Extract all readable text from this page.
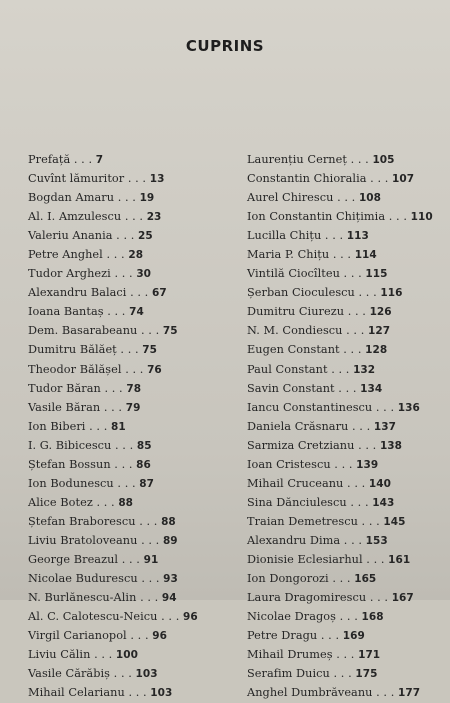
CUPRINS
Prefață . . . 7
Cuvînt lămuritor . . . 13
Bogdan Amaru . . . 19
Al. I. Amzulescu . . . 23
Valeriu Anania . . . 25
Petre Anghel . . . 28
Tudor Arghezi . . . 30
Alexandru Balaci . . . 67
Ioana Bantaș . . . 74
Dem. Basarabeanu . . . 75
Dumitru Bălăeț . . . 75
Theodor Bălășel . . . 76
Tudor Băran . . . 78
Vasile Băran . . . 79
Ion Biberi . . . 81
I. G. Bibicescu . . . 85
Ștefan Bossun . . . 86
Ion Bodunescu . . . 87
Alice Botez . . . 88
Ștefan Braborescu . . . 88
Liviu Bratoloveanu . . . 89
George Breazul . . . 91
Nicolae Budurescu . . . 93
N. Burlănescu-Alin . . . 94
Al. C. Calotescu-Neicu . . . 96
Virgil Carianopol . . . 96
Liviu Călin . . . 100
Vasile Cărăbiș . . . 103
Mihail Celarianu . . . 103
Laurențiu Cerneț . . . 105
Constantin Chioralia . . . 107
Aurel Chirescu . . . 108
Ion Constantin Chițimia . . . 110
Lucilla Chițu . . . 113
Maria P. Chițu . . . 114
Vintilă Ciocîlteu . . . 115
Șerban Cioculescu . . . 116
Dumitru Ciurezu . . . 126
N. M. Condiescu . . . 127
Eugen Constant . . . 128
Paul Constant . . . 132
Savin Constant . . . 134
Iancu Constantinescu . . . 136
Daniela Crăsnaru . . . 137
Sarmiza Cretzianu . . . 138
Ioan Cristescu . . . 139
Mihail Cruceanu . . . 140
Sina Dănciulescu . . . 143
Traian Demetrescu . . . 145
Alexandru Dima . . . 153
Dionisie Eclesiarhul . . . 161
Ion Dongorozi . . . 165
Laura Dragomirescu . . . 167
Nicolae Dragoș . . . 168
Petre Dragu . . . 169
Mihail Drumeș . . . 171
Serafim Duicu . . . 175
Anghel Dumbrăveanu . . . 177
